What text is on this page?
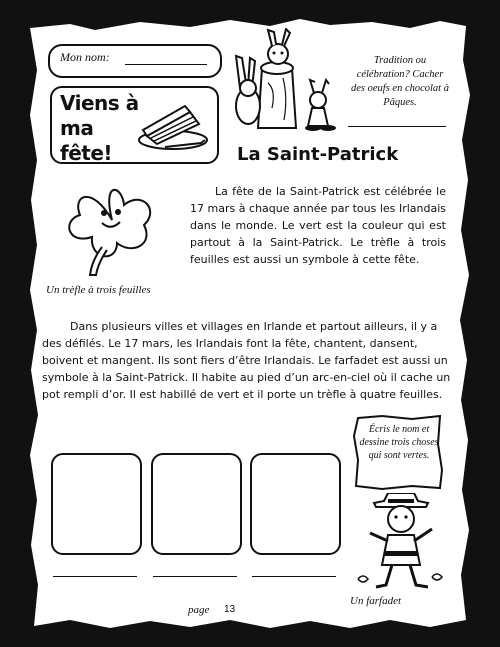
Mon nom:
Viens à ma fête!
Tradition ou célébration? Cacher des oeufs en chocolat à Pâques.
La Saint-Patrick
Un trèfle à trois feuilles

La fête de la Saint-Patrick est célébrée le 17 mars à chaque année par tous les Irlandais dans le monde. Le vert est la couleur qui est partout à la Saint-Patrick. Le trèfle à trois feuilles est aussi un symbole à cette fête.

Dans plusieurs villes et villages en Irlande et partout ailleurs, il y a des défilés. Le 17 mars, les Irlandais font la fête, chantent, dansent, boivent et mangent. Ils sont fiers d’être Irlandais. Le farfadet est aussi un symbole à la Saint-Patrick. Il habite au pied d’un arc-en-ciel où il cache un pot rempli d’or. Il est habillé de vert et il porte un trèfle à quatre feuilles.

Écris le nom et dessine trois choses qui sont vertes.
Un farfadet
page 13
